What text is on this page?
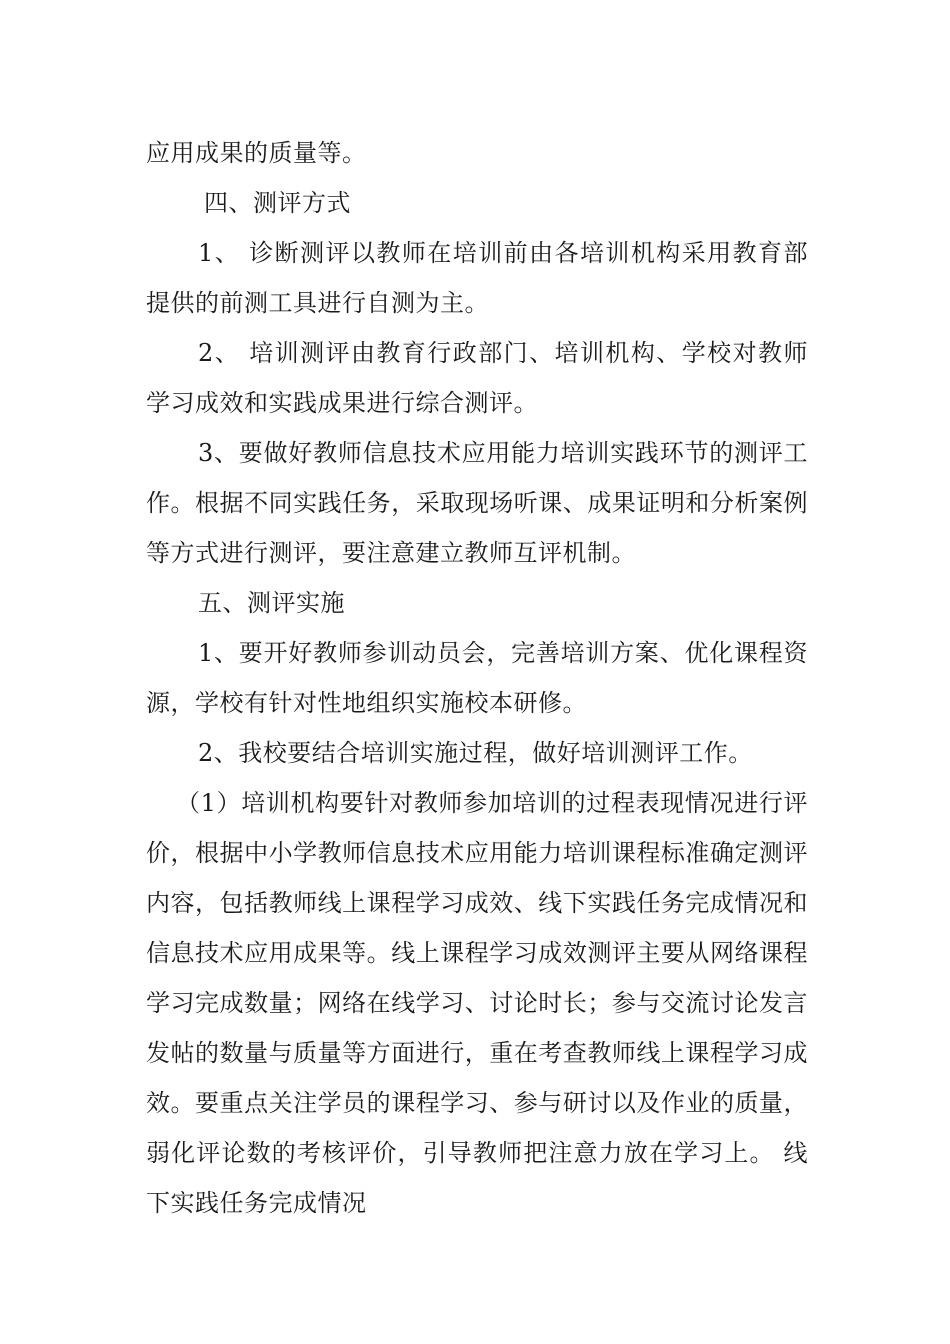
应用成果的质量等。

四、测评方式

1、 诊断测评以教师在培训前由各培训机构采用教育部提供的前测工具进行自测为主。

2、 培训测评由教育行政部门、培训机构、学校对教师学习成效和实践成果进行综合测评。

3、要做好教师信息技术应用能力培训实践环节的测评工作。根据不同实践任务，采取现场听课、成果证明和分析案例等方式进行测评，要注意建立教师互评机制。

五、测评实施

1、要开好教师参训动员会，完善培训方案、优化课程资源，学校有针对性地组织实施校本研修。

2、我校要结合培训实施过程，做好培训测评工作。

（1）培训机构要针对教师参加培训的过程表现情况进行评价，根据中小学教师信息技术应用能力培训课程标准确定测评内容，包括教师线上课程学习成效、线下实践任务完成情况和信息技术应用成果等。线上课程学习成效测评主要从网络课程学习完成数量；网络在线学习、讨论时长；参与交流讨论发言发帖的数量与质量等方面进行，重在考查教师线上课程学习成效。要重点关注学员的课程学习、参与研讨以及作业的质量，弱化评论数的考核评价，引导教师把注意力放在学习上。 线下实践任务完成情况
